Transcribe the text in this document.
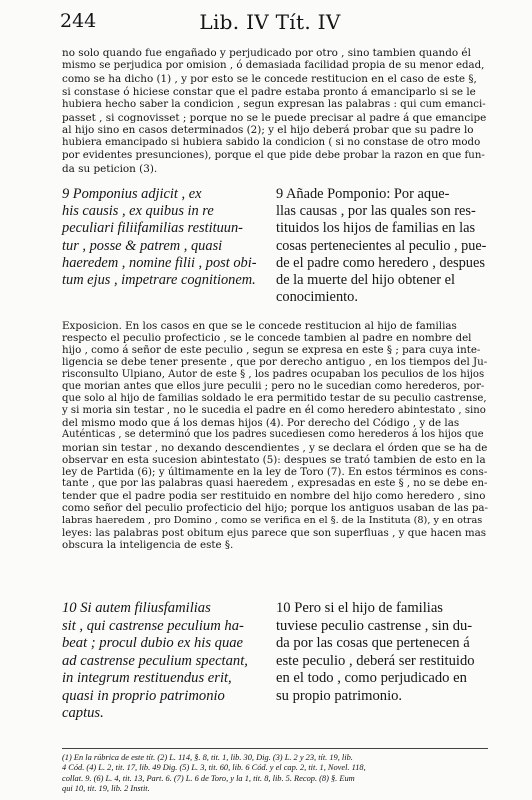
244	Lib. IV Tít. IV
no solo quando fue engañado y perjudicado por otro , sino tambien quando él
mismo se perjudica por omision , ó demasiada facilidad propia de su menor edad,
como se ha dicho (1) , y por esto se le concede restitucion en el caso de este §,
si constase ó hiciese constar que el padre estaba pronto á emanciparlo si se le
hubiera hecho saber la condicion , segun expresan las palabras : qui cum emanci-
passet , si cognovisset ; porque no se le puede precisar al padre á que emancipe
al hijo sino en casos determinados (2); y el hijo deberá probar que su padre lo
hubiera emancipado si hubiera sabido la condicion ( si no constase de otro modo
por evidentes presunciones), porque el que pide debe probar la razon en que fun-
da su peticion (3).
9 Pomponius adjicit , ex
his causis , ex quibus in re
peculiari filiifamilias restituun-
tur , posse & patrem , quasi
haeredem , nomine filii , post obi-
tum ejus , impetrare cognitionem.
9 Añade Pomponio: Por aque-
llas causas , por las quales son res-
tituidos los hijos de familias en las
cosas pertenecientes al peculio , pue-
de el padre como heredero , despues
de la muerte del hijo obtener el
conocimiento.
Exposicion. En los casos en que se le concede restitucion al hijo de familias
respecto el peculio profecticio , se le concede tambien al padre en nombre del
hijo , como á señor de este peculio , segun se expresa en este § ; para cuya inte-
ligencia se debe tener presente , que por derecho antiguo , en los tiempos del Ju-
risconsulto Ulpiano, Autor de este § , los padres ocupaban los peculios de los hijos
que morian antes que ellos jure peculii ; pero no le sucedian como herederos, por-
que solo al hijo de familias soldado le era permitido testar de su peculio castrense,
y si moria sin testar , no le sucedia el padre en él como heredero abintestato , sino
del mismo modo que á los demas hijos (4). Por derecho del Código , y de las
Auténticas , se determinó que los padres sucediesen como herederos á los hijos que
morian sin testar , no dexando descendientes , y se declara el órden que se ha de
observar en esta sucesion abintestato (5): despues se trató tambien de esto en la
ley de Partida (6); y últimamente en la ley de Toro (7). En estos términos es cons-
tante , que por las palabras quasi haeredem , expresadas en este § , no se debe en-
tender que el padre podia ser restituido en nombre del hijo como heredero , sino
como señor del peculio profecticio del hijo; porque los antiguos usaban de las pa-
labras haeredem , pro Domino , como se verifica en el §. de la Instituta (8), y en otras
leyes: las palabras post obitum ejus parece que son superfluas , y que hacen mas
obscura la inteligencia de este §.
10 Si autem filiusfamilias
sit , qui castrense peculium ha-
beat ; procul dubio ex his quae
ad castrense peculium spectant,
in integrum restituendus erit,
quasi in proprio patrimonio
captus.
10 Pero si el hijo de familias
tuviese peculio castrense , sin du-
da por las cosas que pertenecen á
este peculio , deberá ser restituido
en el todo , como perjudicado en
su propio patrimonio.
(1) En la rúbrica de este tít. (2) L. 114, §. 8, tit. 1, lib. 30, Dig. (3) L. 2 y 23, tít. 19, lib.
4 Cód. (4) L. 2, tit. 17, lib. 49 Dig. (5) L. 3, tit. 60, lib. 6 Cód. y el cap. 2, tit. 1, Novel. 118,
collat. 9. (6) L. 4, tit. 13, Part. 6. (7) L. 6 de Toro, y la 1, tit. 8, lib. 5. Recop. (8) §. Eum
qui 10, tit. 19, lib. 2 Instit.
